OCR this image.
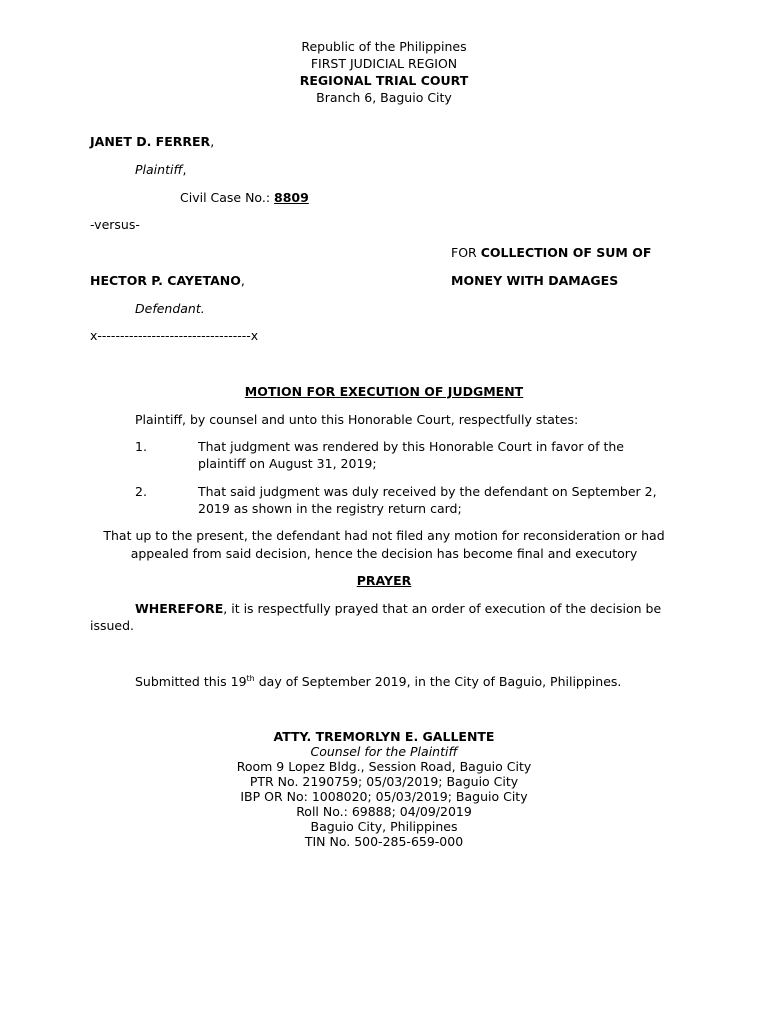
Republic of the Philippines
FIRST JUDICIAL REGION
REGIONAL TRIAL COURT
Branch 6, Baguio City
JANET D. FERRER,
Plaintiff,
Civil Case No.: 8809
-versus-
FOR COLLECTION OF SUM OF
HECTOR P. CAYETANO,	MONEY WITH DAMAGES
Defendant.
x----------------------------------x
MOTION FOR EXECUTION OF JUDGMENT
Plaintiff, by counsel and unto this Honorable Court, respectfully states:
1.	That judgment was rendered by this Honorable Court in favor of the
plaintiff on August 31, 2019;
2.	That said judgment was duly received by the defendant on September 2,
2019 as shown in the registry return card;
That up to the present, the defendant had not filed any motion for reconsideration or had
appealed from said decision, hence the decision has become final and executory
PRAYER
WHEREFORE, it is respectfully prayed that an order of execution of the decision be
issued.
Submitted this 19th day of September 2019, in the City of Baguio, Philippines.
ATTY. TREMORLYN E. GALLENTE
Counsel for the Plaintiff
Room 9 Lopez Bldg., Session Road, Baguio City
PTR No. 2190759; 05/03/2019; Baguio City
IBP OR No: 1008020; 05/03/2019; Baguio City
Roll No.: 69888; 04/09/2019
Baguio City, Philippines
TIN No. 500-285-659-000
